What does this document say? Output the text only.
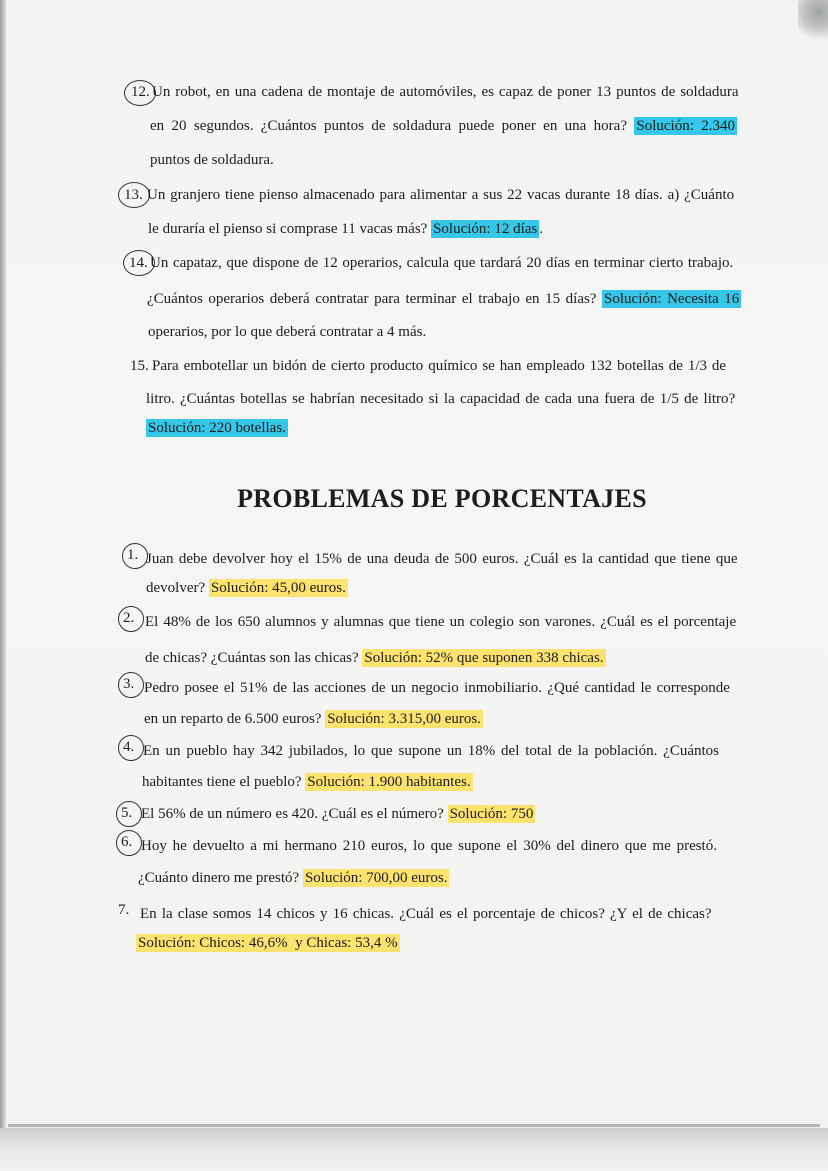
12. Un robot, en una cadena de montaje de automóviles, es capaz de poner 13 puntos de soldadura
en 20 segundos. ¿Cuántos puntos de soldadura puede poner en una hora? Solución: 2.340
puntos de soldadura.
13. Un granjero tiene pienso almacenado para alimentar a sus 22 vacas durante 18 días. a) ¿Cuánto
le duraría el pienso si comprase 11 vacas más? Solución: 12 días .
14. Un capataz, que dispone de 12 operarios, calcula que tardará 20 días en terminar cierto trabajo.
¿Cuántos operarios deberá contratar para terminar el trabajo en 15 días? Solución: Necesita 16
operarios, por lo que deberá contratar a 4 más.
15. Para embotellar un bidón de cierto producto químico se han empleado 132 botellas de 1/3 de
litro. ¿Cuántas botellas se habrían necesitado si la capacidad de cada una fuera de 1/5 de litro?
Solución: 220 botellas.
PROBLEMAS DE PORCENTAJES
1. Juan debe devolver hoy el 15% de una deuda de 500 euros. ¿Cuál es la cantidad que tiene que
devolver? Solución: 45,00 euros.
2. El 48% de los 650 alumnos y alumnas que tiene un colegio son varones. ¿Cuál es el porcentaje
de chicas? ¿Cuántas son las chicas? Solución: 52% que suponen 338 chicas.
3. Pedro posee el 51% de las acciones de un negocio inmobiliario. ¿Qué cantidad le corresponde
en un reparto de 6.500 euros? Solución: 3.315,00 euros.
4. En un pueblo hay 342 jubilados, lo que supone un 18% del total de la población. ¿Cuántos
habitantes tiene el pueblo? Solución: 1.900 habitantes.
5. El 56% de un número es 420. ¿Cuál es el número? Solución: 750
6. Hoy he devuelto a mi hermano 210 euros, lo que supone el 30% del dinero que me prestó.
¿Cuánto dinero me prestó? Solución: 700,00 euros.
7. En la clase somos 14 chicos y 16 chicas. ¿Cuál es el porcentaje de chicos? ¿Y el de chicas?
Solución: Chicos: 46,6%  y Chicas: 53,4 %
